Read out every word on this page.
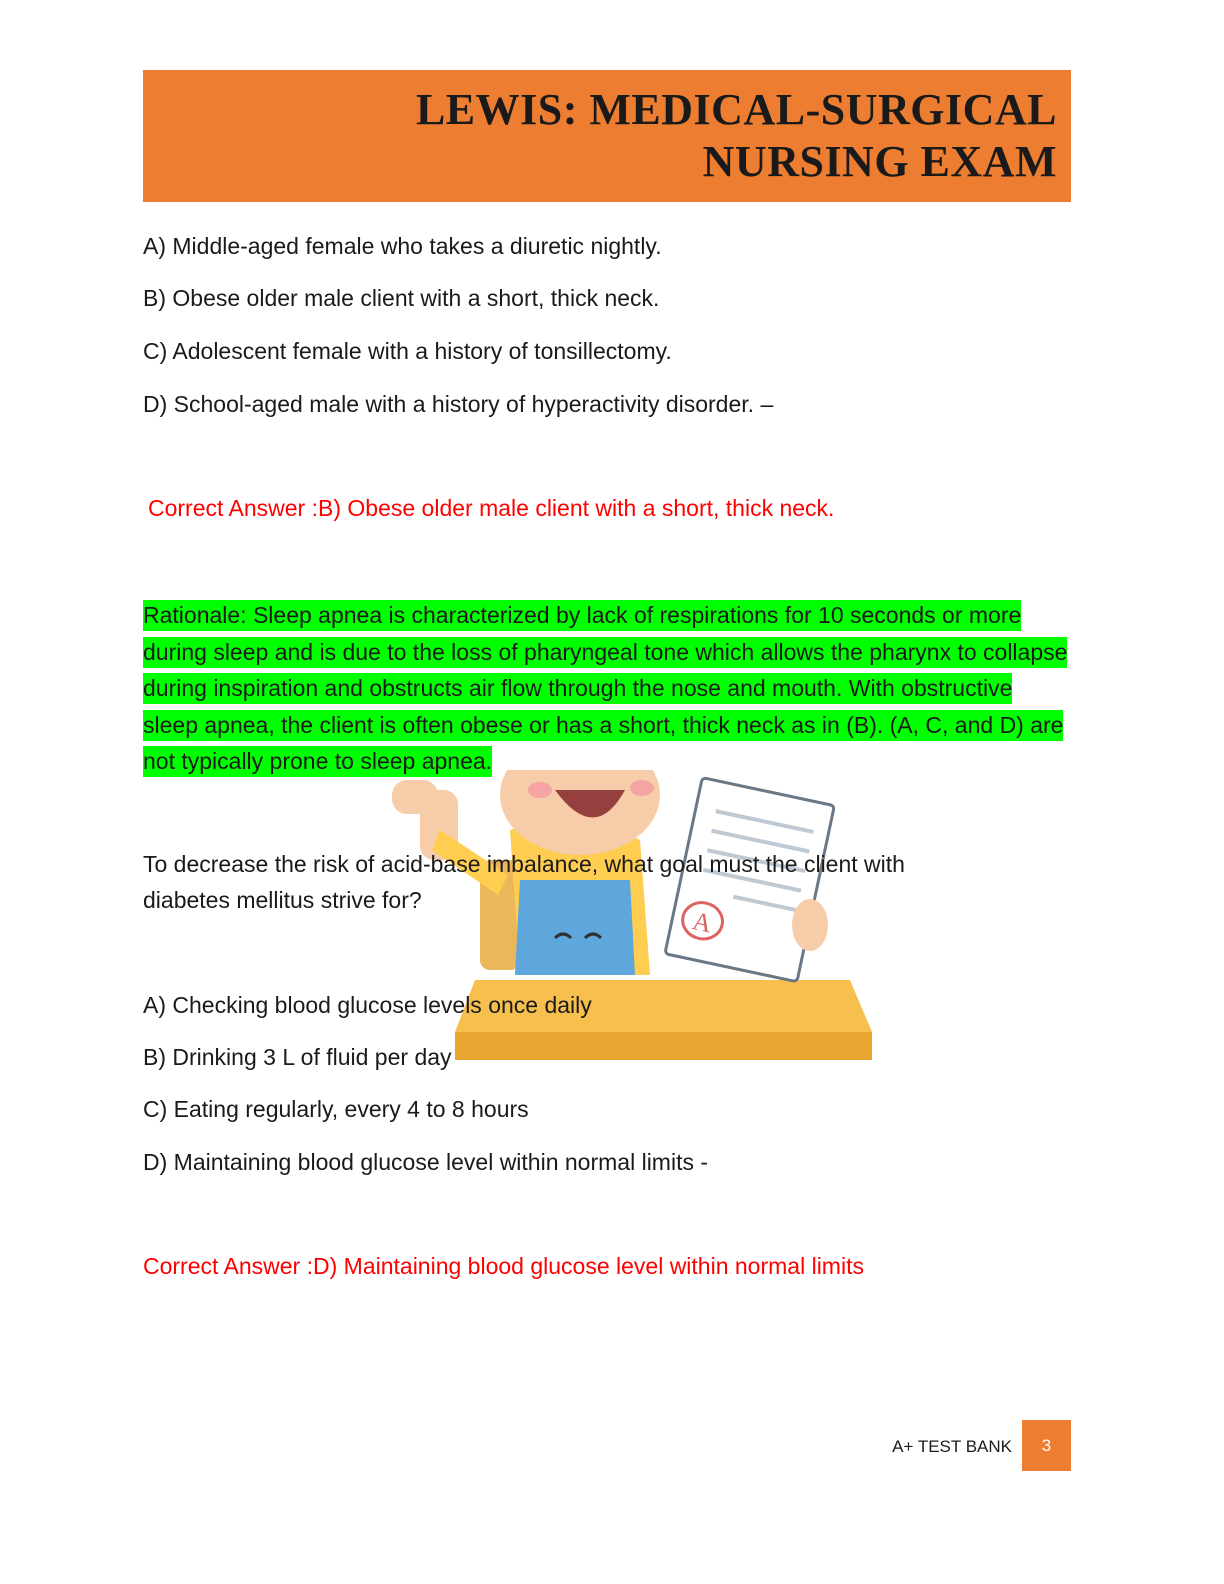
LEWIS: MEDICAL-SURGICAL
NURSING EXAM

A) Middle-aged female who takes a diuretic nightly.

B) Obese older male client with a short, thick neck.

C) Adolescent female with a history of tonsillectomy.

D) School-aged male with a history of hyperactivity disorder. –

Correct Answer :B) Obese older male client with a short, thick neck.

A

Rationale: Sleep apnea is characterized by lack of respirations for 10 seconds or more during sleep and is due to the loss of pharyngeal tone which allows the pharynx to collapse during inspiration and obstructs air flow through the nose and mouth. With obstructive sleep apnea, the client is often obese or has a short, thick neck as in (B). (A, C, and D) are not typically prone to sleep apnea.

To decrease the risk of acid-base imbalance, what goal must the client with

diabetes mellitus strive for?

A) Checking blood glucose levels once daily

B) Drinking 3 L of fluid per day

C) Eating regularly, every 4 to 8 hours

D) Maintaining blood glucose level within normal limits -

Correct Answer :D) Maintaining blood glucose level within normal limits

A+ TEST BANK	3
